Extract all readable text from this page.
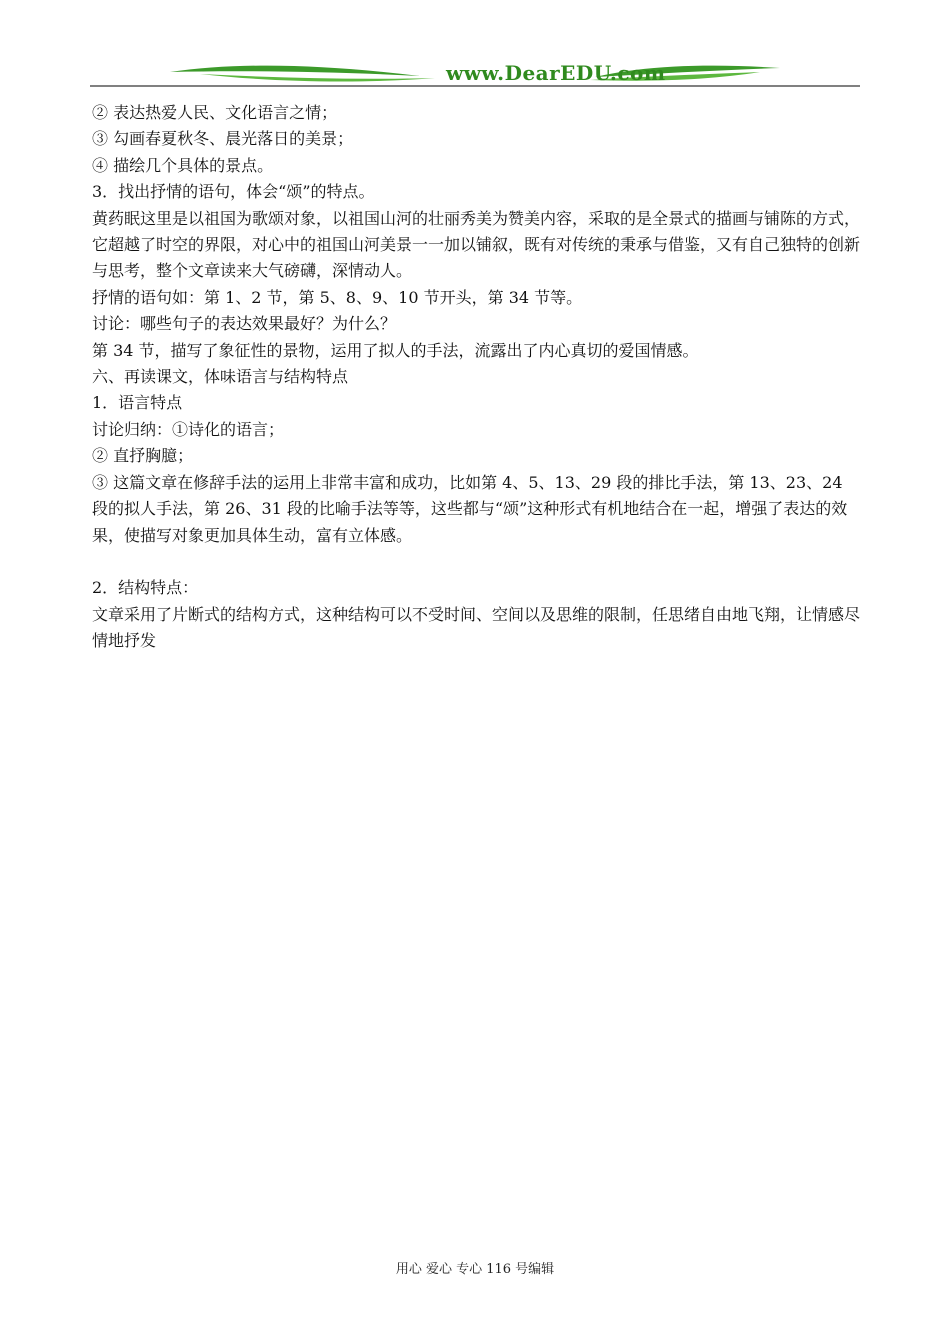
www.DearEDU.com

② 表达热爱人民、文化语言之情；

③ 勾画春夏秋冬、晨光落日的美景；

④ 描绘几个具体的景点。

3．找出抒情的语句，体会“颂”的特点。

黄药眠这里是以祖国为歌颂对象，以祖国山河的壮丽秀美为赞美内容，采取的是全景式的描画与铺陈的方式，它超越了时空的界限，对心中的祖国山河美景一一加以铺叙，既有对传统的秉承与借鉴，又有自己独特的创新与思考，整个文章读来大气磅礴，深情动人。

抒情的语句如：第 1、2 节，第 5、8、9、10 节开头，第 34 节等。

讨论：哪些句子的表达效果最好？为什么？

第 34 节，描写了象征性的景物，运用了拟人的手法，流露出了内心真切的爱国情感。

六、再读课文，体味语言与结构特点

1．语言特点

讨论归纳：①诗化的语言；

② 直抒胸臆；

③ 这篇文章在修辞手法的运用上非常丰富和成功，比如第 4、5、13、29 段的排比手法，第 13、23、24 段的拟人手法，第 26、31 段的比喻手法等等，这些都与“颂”这种形式有机地结合在一起，增强了表达的效果，使描写对象更加具体生动，富有立体感。

2．结构特点：

文章采用了片断式的结构方式，这种结构可以不受时间、空间以及思维的限制，任思绪自由地飞翔，让情感尽情地抒发

用心 爱心 专心 116 号编辑
